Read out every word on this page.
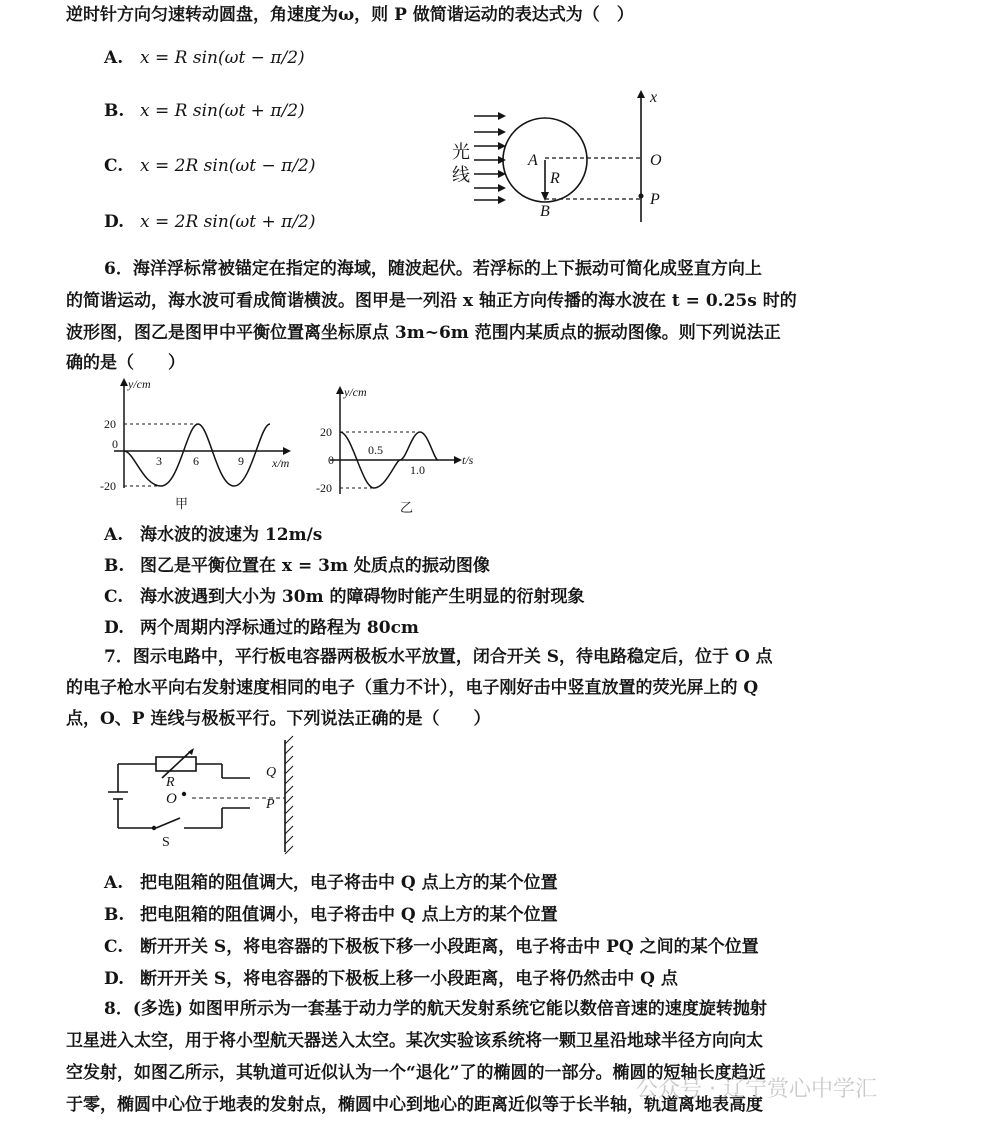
逆时针方向匀速转动圆盘，角速度为ω，则 P 做简谐运动的表达式为（　）
A. x = R sin(ωt − π/2)
B. x = R sin(ωt + π/2)
C. x = 2R sin(ωt − π/2)
D. x = 2R sin(ωt + π/2)
x
光
线
A
R
B
O
P
6．海洋浮标常被锚定在指定的海域，随波起伏。若浮标的上下振动可简化成竖直方向上
的简谐运动，海水波可看成简谐横波。图甲是一列沿 x 轴正方向传播的海水波在 t = 0.25s 时的
波形图，图乙是图甲中平衡位置离坐标原点 3m~6m 范围内某质点的振动图像。则下列说法正
确的是（　　）
y/cm
x/m
20
-20
0
3	6	9
甲
y/cm
t/s
20
-20
0
0.5
1.0
乙
A. 海水波的波速为 12m/s
B. 图乙是平衡位置在 x = 3m 处质点的振动图像
C. 海水波遇到大小为 30m 的障碍物时能产生明显的衍射现象
D. 两个周期内浮标通过的路程为 80cm
7．图示电路中，平行板电容器两极板水平放置，闭合开关 S，待电路稳定后，位于 O 点
的电子枪水平向右发射速度相同的电子（重力不计），电子刚好击中竖直放置的荧光屏上的 Q
点，O、P 连线与极板平行。下列说法正确的是（　　）
R
O
Q
P
S
A. 把电阻箱的阻值调大，电子将击中 Q 点上方的某个位置
B. 把电阻箱的阻值调小，电子将击中 Q 点上方的某个位置
C. 断开开关 S，将电容器的下极板下移一小段距离，电子将击中 PQ 之间的某个位置
D. 断开开关 S，将电容器的下极板上移一小段距离，电子将仍然击中 Q 点
8．(多选) 如图甲所示为一套基于动力学的航天发射系统它能以数倍音速的速度旋转抛射
卫星进入太空，用于将小型航天器送入太空。某次实验该系统将一颗卫星沿地球半径方向向太
空发射，如图乙所示，其轨道可近似认为一个“退化”了的椭圆的一部分。椭圆的短轴长度趋近
于零，椭圆中心位于地表的发射点，椭圆中心到地心的距离近似等于长半轴，轨道离地表高度
公众号 · 辽宁赏心中学汇
